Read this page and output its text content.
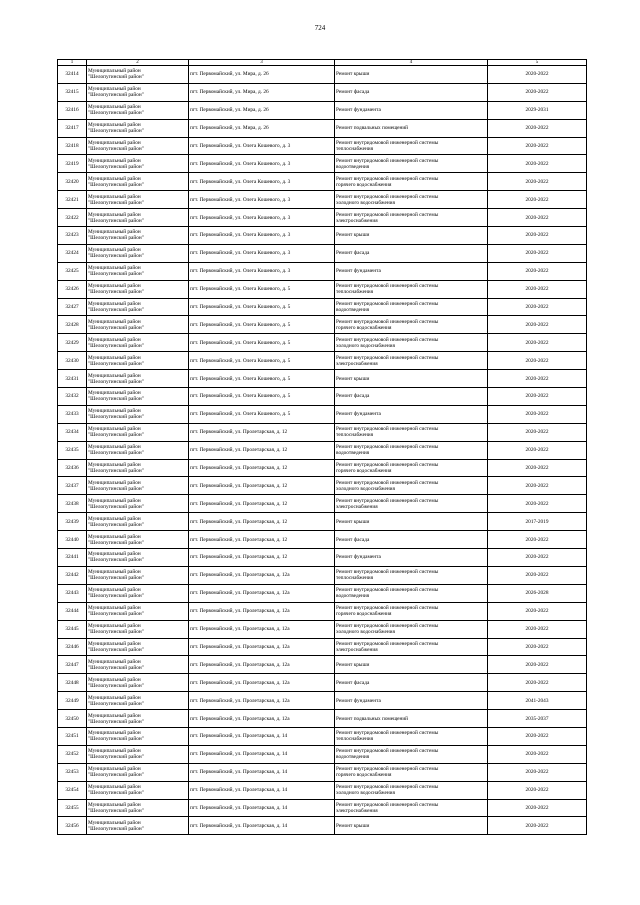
724
1	2	3	4	5
32414	Муниципальный район
"Шелопугинский район"	пгт. Первомайский, ул. Мира, д. 26	Ремонт крыши	2020-2022
32415	Муниципальный район
"Шелопугинский район"	пгт. Первомайский, ул. Мира, д. 26	Ремонт фасада	2020-2022
32416	Муниципальный район
"Шелопугинский район"	пгт. Первомайский, ул. Мира, д. 26	Ремонт фундамента	2029-2031
32417	Муниципальный район
"Шелопугинский район"	пгт. Первомайский, ул. Мира, д. 26	Ремонт подвальных помещений	2020-2022
32418	Муниципальный район
"Шелопугинский район"	пгт. Первомайский, ул. Олега Кошевого, д. 3	Ремонт внутридомовой инженерной системы
теплоснабжения	2020-2022
32419	Муниципальный район
"Шелопугинский район"	пгт. Первомайский, ул. Олега Кошевого, д. 3	Ремонт внутридомовой инженерной системы
водоотведения	2020-2022
32420	Муниципальный район
"Шелопугинский район"	пгт. Первомайский, ул. Олега Кошевого, д. 3	Ремонт внутридомовой инженерной системы
горячего водоснабжения	2020-2022
32421	Муниципальный район
"Шелопугинский район"	пгт. Первомайский, ул. Олега Кошевого, д. 3	Ремонт внутридомовой инженерной системы
холодного водоснабжения	2020-2022
32422	Муниципальный район
"Шелопугинский район"	пгт. Первомайский, ул. Олега Кошевого, д. 3	Ремонт внутридомовой инженерной системы
электроснабжения	2020-2022
32423	Муниципальный район
"Шелопугинский район"	пгт. Первомайский, ул. Олега Кошевого, д. 3	Ремонт крыши	2020-2022
32424	Муниципальный район
"Шелопугинский район"	пгт. Первомайский, ул. Олега Кошевого, д. 3	Ремонт фасада	2020-2022
32425	Муниципальный район
"Шелопугинский район"	пгт. Первомайский, ул. Олега Кошевого, д. 3	Ремонт фундамента	2020-2022
32426	Муниципальный район
"Шелопугинский район"	пгт. Первомайский, ул. Олега Кошевого, д. 5	Ремонт внутридомовой инженерной системы
теплоснабжения	2020-2022
32427	Муниципальный район
"Шелопугинский район"	пгт. Первомайский, ул. Олега Кошевого, д. 5	Ремонт внутридомовой инженерной системы
водоотведения	2020-2022
32428	Муниципальный район
"Шелопугинский район"	пгт. Первомайский, ул. Олега Кошевого, д. 5	Ремонт внутридомовой инженерной системы
горячего водоснабжения	2020-2022
32429	Муниципальный район
"Шелопугинский район"	пгт. Первомайский, ул. Олега Кошевого, д. 5	Ремонт внутридомовой инженерной системы
холодного водоснабжения	2020-2022
32430	Муниципальный район
"Шелопугинский район"	пгт. Первомайский, ул. Олега Кошевого, д. 5	Ремонт внутридомовой инженерной системы
электроснабжения	2020-2022
32431	Муниципальный район
"Шелопугинский район"	пгт. Первомайский, ул. Олега Кошевого, д. 5	Ремонт крыши	2020-2022
32432	Муниципальный район
"Шелопугинский район"	пгт. Первомайский, ул. Олега Кошевого, д. 5	Ремонт фасада	2020-2022
32433	Муниципальный район
"Шелопугинский район"	пгт. Первомайский, ул. Олега Кошевого, д. 5	Ремонт фундамента	2020-2022
32434	Муниципальный район
"Шелопугинский район"	пгт. Первомайский, ул. Пролетарская, д. 12	Ремонт внутридомовой инженерной системы
теплоснабжения	2020-2022
32435	Муниципальный район
"Шелопугинский район"	пгт. Первомайский, ул. Пролетарская, д. 12	Ремонт внутридомовой инженерной системы
водоотведения	2020-2022
32436	Муниципальный район
"Шелопугинский район"	пгт. Первомайский, ул. Пролетарская, д. 12	Ремонт внутридомовой инженерной системы
горячего водоснабжения	2020-2022
32437	Муниципальный район
"Шелопугинский район"	пгт. Первомайский, ул. Пролетарская, д. 12	Ремонт внутридомовой инженерной системы
холодного водоснабжения	2020-2022
32438	Муниципальный район
"Шелопугинский район"	пгт. Первомайский, ул. Пролетарская, д. 12	Ремонт внутридомовой инженерной системы
электроснабжения	2020-2022
32439	Муниципальный район
"Шелопугинский район"	пгт. Первомайский, ул. Пролетарская, д. 12	Ремонт крыши	2017-2019
32440	Муниципальный район
"Шелопугинский район"	пгт. Первомайский, ул. Пролетарская, д. 12	Ремонт фасада	2020-2022
32441	Муниципальный район
"Шелопугинский район"	пгт. Первомайский, ул. Пролетарская, д. 12	Ремонт фундамента	2020-2022
32442	Муниципальный район
"Шелопугинский район"	пгт. Первомайский, ул. Пролетарская, д. 12а	Ремонт внутридомовой инженерной системы
теплоснабжения	2020-2022
32443	Муниципальный район
"Шелопугинский район"	пгт. Первомайский, ул. Пролетарская, д. 12а	Ремонт внутридомовой инженерной системы
водоотведения	2026-2028
32444	Муниципальный район
"Шелопугинский район"	пгт. Первомайский, ул. Пролетарская, д. 12а	Ремонт внутридомовой инженерной системы
горячего водоснабжения	2020-2022
32445	Муниципальный район
"Шелопугинский район"	пгт. Первомайский, ул. Пролетарская, д. 12а	Ремонт внутридомовой инженерной системы
холодного водоснабжения	2020-2022
32446	Муниципальный район
"Шелопугинский район"	пгт. Первомайский, ул. Пролетарская, д. 12а	Ремонт внутридомовой инженерной системы
электроснабжения	2020-2022
32447	Муниципальный район
"Шелопугинский район"	пгт. Первомайский, ул. Пролетарская, д. 12а	Ремонт крыши	2020-2022
32448	Муниципальный район
"Шелопугинский район"	пгт. Первомайский, ул. Пролетарская, д. 12а	Ремонт фасада	2020-2022
32449	Муниципальный район
"Шелопугинский район"	пгт. Первомайский, ул. Пролетарская, д. 12а	Ремонт фундамента	2041-2043
32450	Муниципальный район
"Шелопугинский район"	пгт. Первомайский, ул. Пролетарская, д. 12а	Ремонт подвальных помещений	2035-2037
32451	Муниципальный район
"Шелопугинский район"	пгт. Первомайский, ул. Пролетарская, д. 14	Ремонт внутридомовой инженерной системы
теплоснабжения	2020-2022
32452	Муниципальный район
"Шелопугинский район"	пгт. Первомайский, ул. Пролетарская, д. 14	Ремонт внутридомовой инженерной системы
водоотведения	2020-2022
32453	Муниципальный район
"Шелопугинский район"	пгт. Первомайский, ул. Пролетарская, д. 14	Ремонт внутридомовой инженерной системы
горячего водоснабжения	2020-2022
32454	Муниципальный район
"Шелопугинский район"	пгт. Первомайский, ул. Пролетарская, д. 14	Ремонт внутридомовой инженерной системы
холодного водоснабжения	2020-2022
32455	Муниципальный район
"Шелопугинский район"	пгт. Первомайский, ул. Пролетарская, д. 14	Ремонт внутридомовой инженерной системы
электроснабжения	2020-2022
32456	Муниципальный район
"Шелопугинский район"	пгт. Первомайский, ул. Пролетарская, д. 14	Ремонт крыши	2020-2022
